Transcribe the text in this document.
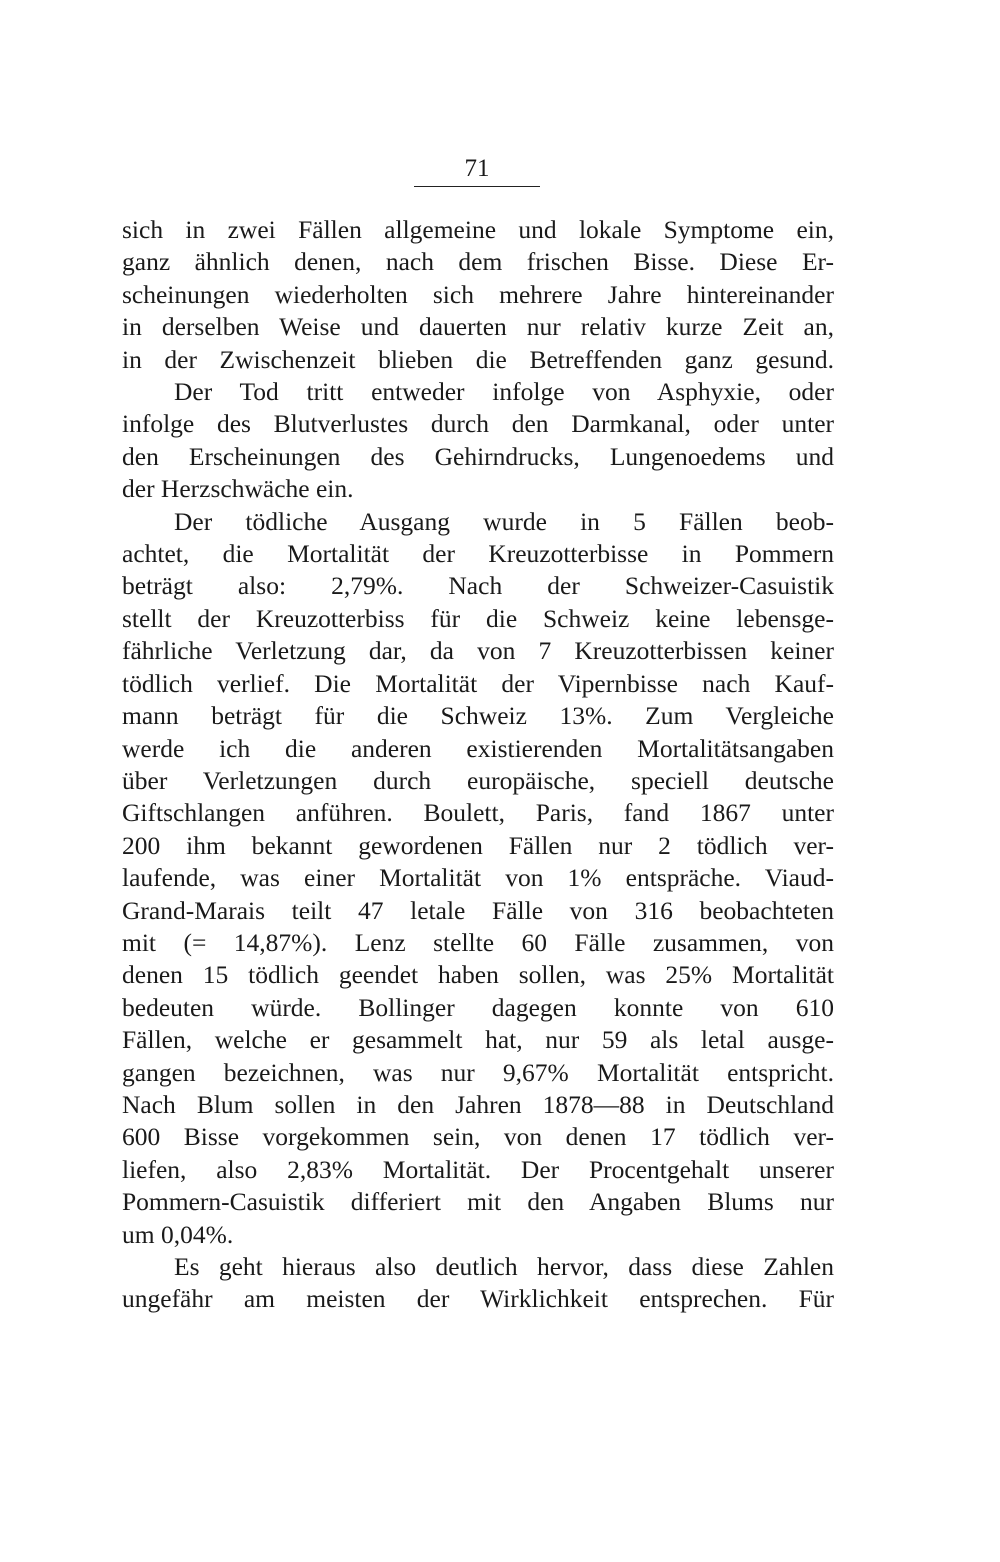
71
sich in zwei Fällen allgemeine und lokale Symptome ein,
ganz ähnlich denen, nach dem frischen Bisse. Diese Er-
scheinungen wiederholten sich mehrere Jahre hintereinander
in derselben Weise und dauerten nur relativ kurze Zeit an,
in der Zwischenzeit blieben die Betreffenden ganz gesund.
Der Tod tritt entweder infolge von Asphyxie, oder
infolge des Blutverlustes durch den Darmkanal, oder unter
den Erscheinungen des Gehirndrucks, Lungenoedems und
der Herzschwäche ein.
Der tödliche Ausgang wurde in 5 Fällen beob-
achtet, die Mortalität der Kreuzotterbisse in Pommern
beträgt also: 2,79%. Nach der Schweizer-Casuistik
stellt der Kreuzotterbiss für die Schweiz keine lebensge-
fährliche Verletzung dar, da von 7 Kreuzotterbissen keiner
tödlich verlief. Die Mortalität der Vipernbisse nach Kauf-
mann beträgt für die Schweiz 13%. Zum Vergleiche
werde ich die anderen existierenden Mortalitätsangaben
über Verletzungen durch europäische, speciell deutsche
Giftschlangen anführen. Boulett, Paris, fand 1867 unter
200 ihm bekannt gewordenen Fällen nur 2 tödlich ver-
laufende, was einer Mortalität von 1% entspräche. Viaud-
Grand-Marais teilt 47 letale Fälle von 316 beobachteten
mit (= 14,87%). Lenz stellte 60 Fälle zusammen, von
denen 15 tödlich geendet haben sollen, was 25% Mortalität
bedeuten würde. Bollinger dagegen konnte von 610
Fällen, welche er gesammelt hat, nur 59 als letal ausge-
gangen bezeichnen, was nur 9,67% Mortalität entspricht.
Nach Blum sollen in den Jahren 1878—88 in Deutschland
600 Bisse vorgekommen sein, von denen 17 tödlich ver-
liefen, also 2,83% Mortalität. Der Procentgehalt unserer
Pommern-Casuistik differiert mit den Angaben Blums nur
um 0,04%.
Es geht hieraus also deutlich hervor, dass diese Zahlen
ungefähr am meisten der Wirklichkeit entsprechen. Für
